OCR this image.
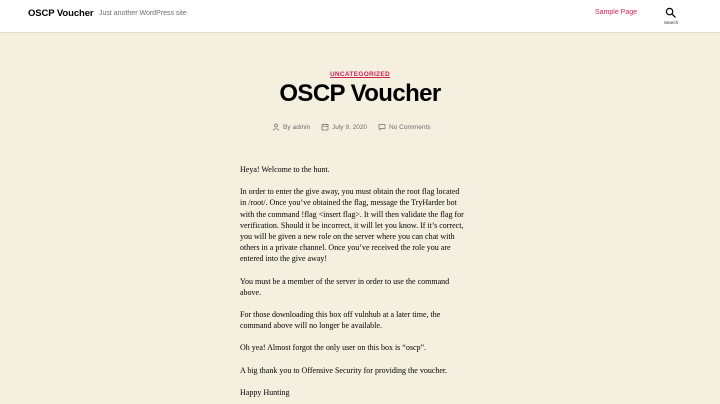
OSCP Voucher Just another WordPress site	Sample Page
Search
UNCATEGORIZED
OSCP Voucher
By admin	July 9, 2020	No Comments

Heya! Welcome to the hunt.

In order to enter the give away, you must obtain the root flag located in /root/. Once you’ve obtained the flag, message the TryHarder bot with the command !flag <insert flag>. It will then validate the flag for verification. Should it be incorrect, it will let you know. If it’s correct, you will be given a new role on the server where you can chat with others in a private channel. Once you’ve received the role you are entered into the give away!

You must be a member of the server in order to use the command above.

For those downloading this box off vulnhub at a later time, the command above will no longer be available.

Oh yea! Almost forgot the only user on this box is “oscp”.

A big thank you to Offensive Security for providing the voucher.

Happy Hunting
